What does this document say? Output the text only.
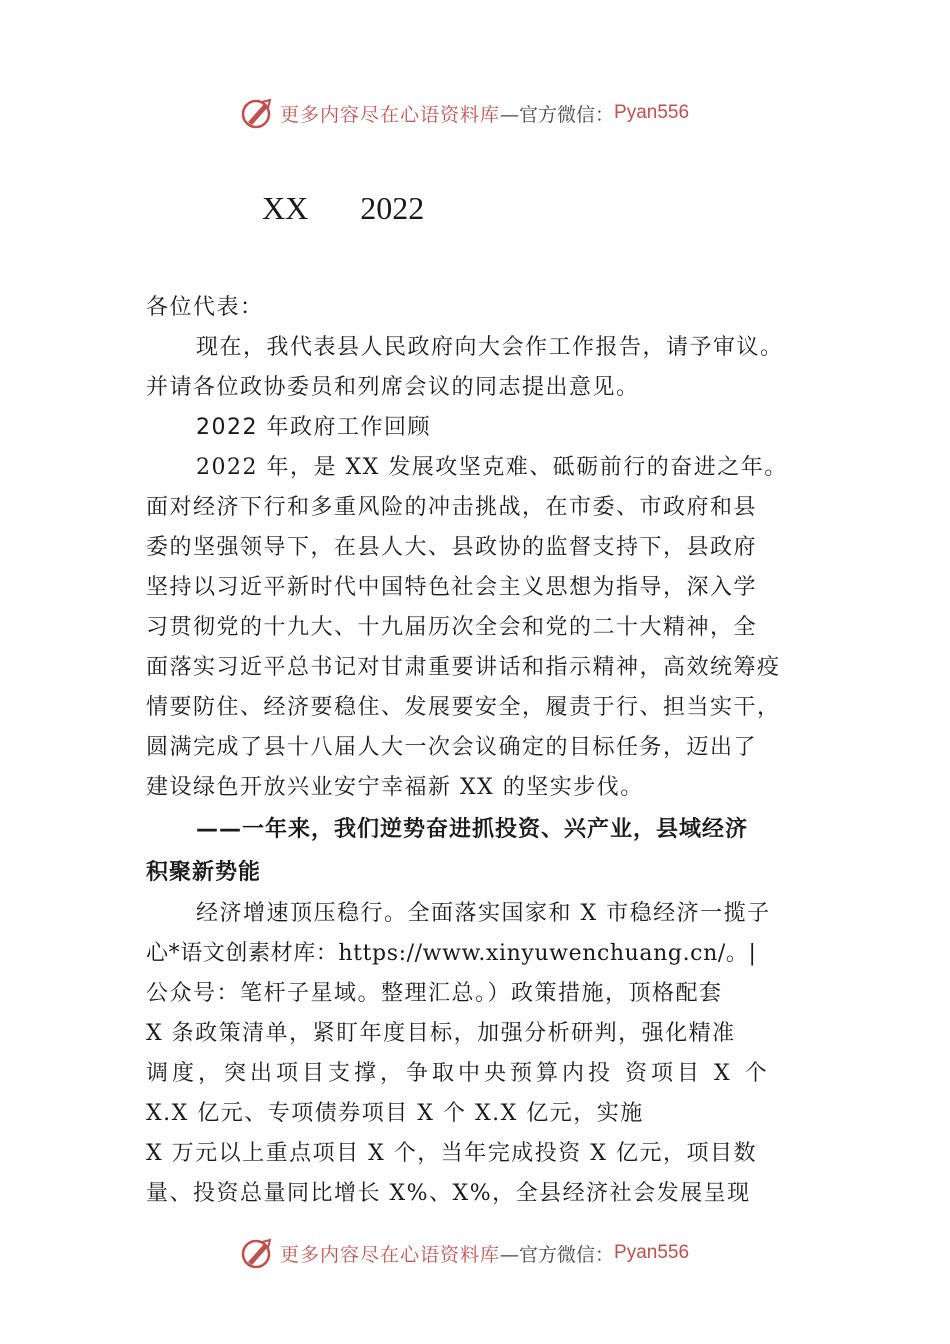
更多内容尽在心语资料库 —官方微信： Pyan556
XX 2022
各位代表：
现在，我代表县人民政府向大会作工作报告，请予审议。
并请各位政协委员和列席会议的同志提出意见。
2022 年政府工作回顾
2022 年，是 XX 发展攻坚克难、砥砺前行的奋进之年。
面对经济下行和多重风险的冲击挑战，在市委、市政府和县
委的坚强领导下，在县人大、县政协的监督支持下，县政府
坚持以习近平新时代中国特色社会主义思想为指导，深入学
习贯彻党的十九大、十九届历次全会和党的二十大精神，全
面落实习近平总书记对甘肃重要讲话和指示精神，高效统筹疫
情要防住、经济要稳住、发展要安全，履责于行、担当实干，
圆满完成了县十八届人大一次会议确定的目标任务，迈出了
建设绿色开放兴业安宁幸福新 XX 的坚实步伐。
——一年来，我们逆势奋进抓投资、兴产业，县域经济
积聚新势能
经济增速顶压稳行。全面落实国家和 X 市稳经济一揽子
心*语文创素材库：https://www.xinyuwenchuang.cn/。|
公众号：笔杆子星域。整理汇总。）政策措施，顶格配套
X 条政策清单，紧盯年度目标，加强分析研判，强化精准
调度，突出项目支撑，争取中央预算内投 资项目 X 个
X.X 亿元、专项债券项目 X 个 X.X 亿元，实施
X 万元以上重点项目 X 个，当年完成投资 X 亿元，项目数
量、投资总量同比增长 X%、X%，全县经济社会发展呈现
更多内容尽在心语资料库 —官方微信： Pyan556
